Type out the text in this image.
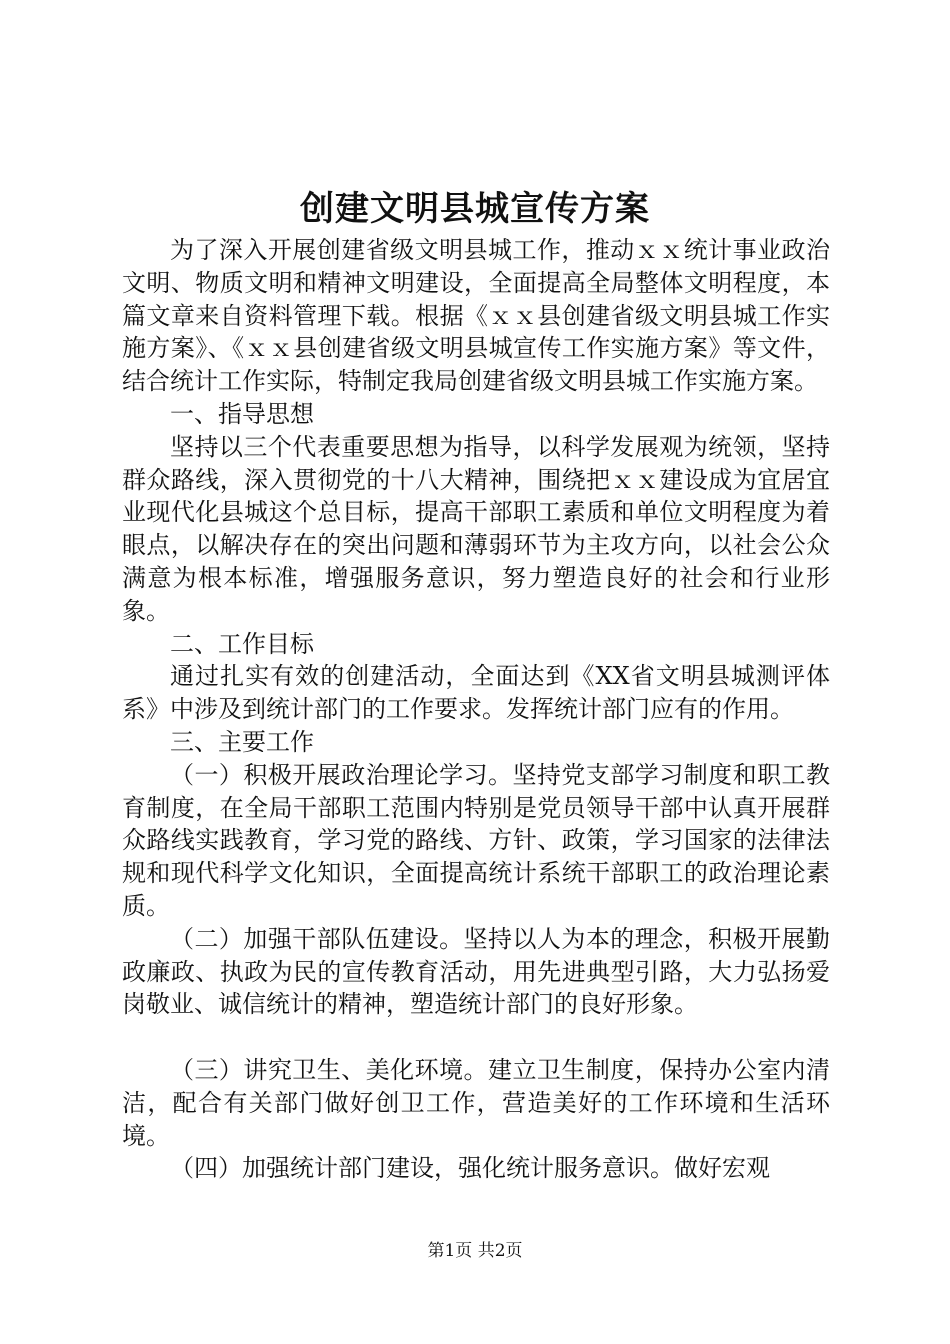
创建文明县城宣传方案

为了深入开展创建省级文明县城工作，推动ｘｘ统计事业政治文明、物质文明和精神文明建设，全面提高全局整体文明程度，本篇文章来自资料管理下载。根据《ｘｘ县创建省级文明县城工作实施方案》、《ｘｘ县创建省级文明县城宣传工作实施方案》等文件，结合统计工作实际，特制定我局创建省级文明县城工作实施方案。

一、指导思想

坚持以三个代表重要思想为指导，以科学发展观为统领，坚持群众路线，深入贯彻党的十八大精神，围绕把ｘｘ建设成为宜居宜业现代化县城这个总目标，提高干部职工素质和单位文明程度为着眼点，以解决存在的突出问题和薄弱环节为主攻方向，以社会公众满意为根本标准，增强服务意识，努力塑造良好的社会和行业形象。

二、工作目标

通过扎实有效的创建活动，全面达到《XX省文明县城测评体系》中涉及到统计部门的工作要求。发挥统计部门应有的作用。

三、主要工作

（一）积极开展政治理论学习。坚持党支部学习制度和职工教育制度，在全局干部职工范围内特别是党员领导干部中认真开展群众路线实践教育，学习党的路线、方针、政策，学习国家的法律法规和现代科学文化知识，全面提高统计系统干部职工的政治理论素质。

（二）加强干部队伍建设。坚持以人为本的理念，积极开展勤政廉政、执政为民的宣传教育活动，用先进典型引路，大力弘扬爱岗敬业、诚信统计的精神，塑造统计部门的良好形象。

（三）讲究卫生、美化环境。建立卫生制度，保持办公室内清洁，配合有关部门做好创卫工作，营造美好的工作环境和生活环境。

（四）加强统计部门建设，强化统计服务意识。做好宏观

第1页 共2页
